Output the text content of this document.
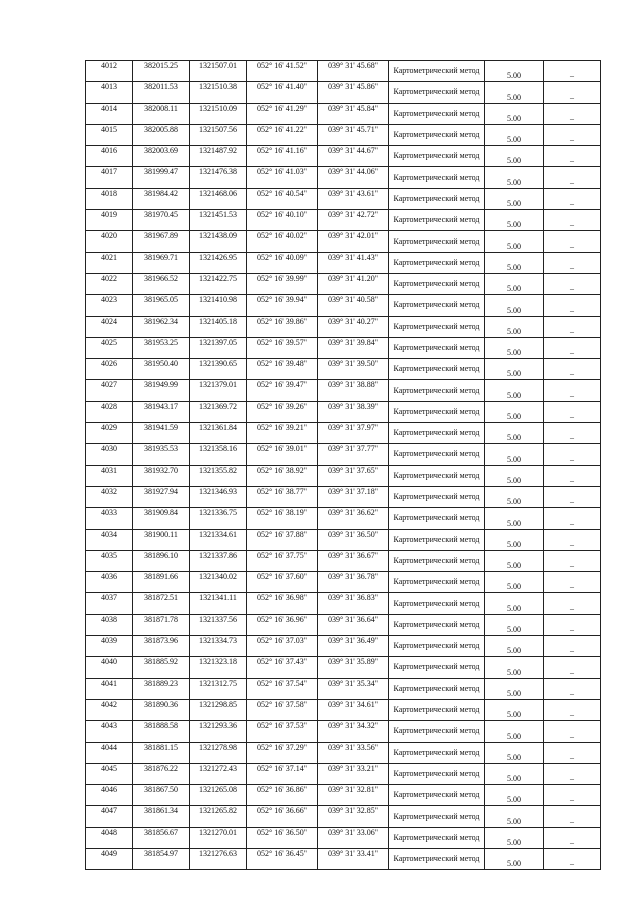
4012	382015.25	1321507.01	052° 16' 41.52"	039° 31' 45.68"	Картометрический метод	5.00	–
4013	382011.53	1321510.38	052° 16' 41.40"	039° 31' 45.86"	Картометрический метод	5.00	–
4014	382008.11	1321510.09	052° 16' 41.29"	039° 31' 45.84"	Картометрический метод	5.00	–
4015	382005.88	1321507.56	052° 16' 41.22"	039° 31' 45.71"	Картометрический метод	5.00	–
4016	382003.69	1321487.92	052° 16' 41.16"	039° 31' 44.67"	Картометрический метод	5.00	–
4017	381999.47	1321476.38	052° 16' 41.03"	039° 31' 44.06"	Картометрический метод	5.00	–
4018	381984.42	1321468.06	052° 16' 40.54"	039° 31' 43.61"	Картометрический метод	5.00	–
4019	381970.45	1321451.53	052° 16' 40.10"	039° 31' 42.72"	Картометрический метод	5.00	–
4020	381967.89	1321438.09	052° 16' 40.02"	039° 31' 42.01"	Картометрический метод	5.00	–
4021	381969.71	1321426.95	052° 16' 40.09"	039° 31' 41.43"	Картометрический метод	5.00	–
4022	381966.52	1321422.75	052° 16' 39.99"	039° 31' 41.20"	Картометрический метод	5.00	–
4023	381965.05	1321410.98	052° 16' 39.94"	039° 31' 40.58"	Картометрический метод	5.00	–
4024	381962.34	1321405.18	052° 16' 39.86"	039° 31' 40.27"	Картометрический метод	5.00	–
4025	381953.25	1321397.05	052° 16' 39.57"	039° 31' 39.84"	Картометрический метод	5.00	–
4026	381950.40	1321390.65	052° 16' 39.48"	039° 31' 39.50"	Картометрический метод	5.00	–
4027	381949.99	1321379.01	052° 16' 39.47"	039° 31' 38.88"	Картометрический метод	5.00	–
4028	381943.17	1321369.72	052° 16' 39.26"	039° 31' 38.39"	Картометрический метод	5.00	–
4029	381941.59	1321361.84	052° 16' 39.21"	039° 31' 37.97"	Картометрический метод	5.00	–
4030	381935.53	1321358.16	052° 16' 39.01"	039° 31' 37.77"	Картометрический метод	5.00	–
4031	381932.70	1321355.82	052° 16' 38.92"	039° 31' 37.65"	Картометрический метод	5.00	–
4032	381927.94	1321346.93	052° 16' 38.77"	039° 31' 37.18"	Картометрический метод	5.00	–
4033	381909.84	1321336.75	052° 16' 38.19"	039° 31' 36.62"	Картометрический метод	5.00	–
4034	381900.11	1321334.61	052° 16' 37.88"	039° 31' 36.50"	Картометрический метод	5.00	–
4035	381896.10	1321337.86	052° 16' 37.75"	039° 31' 36.67"	Картометрический метод	5.00	–
4036	381891.66	1321340.02	052° 16' 37.60"	039° 31' 36.78"	Картометрический метод	5.00	–
4037	381872.51	1321341.11	052° 16' 36.98"	039° 31' 36.83"	Картометрический метод	5.00	–
4038	381871.78	1321337.56	052° 16' 36.96"	039° 31' 36.64"	Картометрический метод	5.00	–
4039	381873.96	1321334.73	052° 16' 37.03"	039° 31' 36.49"	Картометрический метод	5.00	–
4040	381885.92	1321323.18	052° 16' 37.43"	039° 31' 35.89"	Картометрический метод	5.00	–
4041	381889.23	1321312.75	052° 16' 37.54"	039° 31' 35.34"	Картометрический метод	5.00	–
4042	381890.36	1321298.85	052° 16' 37.58"	039° 31' 34.61"	Картометрический метод	5.00	–
4043	381888.58	1321293.36	052° 16' 37.53"	039° 31' 34.32"	Картометрический метод	5.00	–
4044	381881.15	1321278.98	052° 16' 37.29"	039° 31' 33.56"	Картометрический метод	5.00	–
4045	381876.22	1321272.43	052° 16' 37.14"	039° 31' 33.21"	Картометрический метод	5.00	–
4046	381867.50	1321265.08	052° 16' 36.86"	039° 31' 32.81"	Картометрический метод	5.00	–
4047	381861.34	1321265.82	052° 16' 36.66"	039° 31' 32.85"	Картометрический метод	5.00	–
4048	381856.67	1321270.01	052° 16' 36.50"	039° 31' 33.06"	Картометрический метод	5.00	–
4049	381854.97	1321276.63	052° 16' 36.45"	039° 31' 33.41"	Картометрический метод	5.00	–
